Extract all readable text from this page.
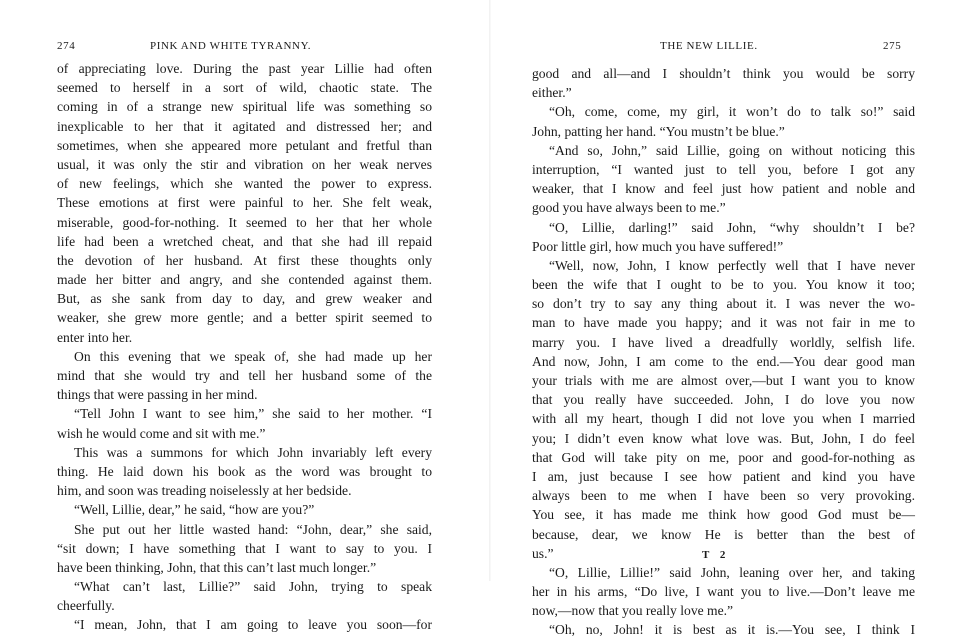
274	PINK AND WHITE TYRANNY.
of appreciating love. During the past year Lillie had often
seemed to herself in a sort of wild, chaotic state. The
coming in of a strange new spiritual life was something so
inexplicable to her that it agitated and distressed her; and
sometimes, when she appeared more petulant and fretful than
usual, it was only the stir and vibration on her weak nerves
of new feelings, which she wanted the power to express.
These emotions at first were painful to her. She felt weak,
miserable, good-for-nothing. It seemed to her that her whole
life had been a wretched cheat, and that she had ill repaid
the devotion of her husband. At first these thoughts only
made her bitter and angry, and she contended against them.
But, as she sank from day to day, and grew weaker and
weaker, she grew more gentle; and a better spirit seemed to
enter into her.
On this evening that we speak of, she had made up her
mind that she would try and tell her husband some of the
things that were passing in her mind.
“Tell John I want to see him,” she said to her mother. “I
wish he would come and sit with me.”
This was a summons for which John invariably left every
thing. He laid down his book as the word was brought to
him, and soon was treading noiselessly at her bedside.
“Well, Lillie, dear,” he said, “how are you?”
She put out her little wasted hand: “John, dear,” she said,
“sit down; I have something that I want to say to you. I
have been thinking, John, that this can’t last much longer.”
“What can’t last, Lillie?” said John, trying to speak
cheerfully.
“I mean, John, that I am going to leave you soon—for
THE NEW LILLIE.	275
good and all—and I shouldn’t think you would be sorry
either.”
“Oh, come, come, my girl, it won’t do to talk so!” said
John, patting her hand. “You mustn’t be blue.”
“And so, John,” said Lillie, going on without noticing this
interruption, “I wanted just to tell you, before I got any
weaker, that I know and feel just how patient and noble and
good you have always been to me.”
“O, Lillie, darling!” said John, “why shouldn’t I be?
Poor little girl, how much you have suffered!”
“Well, now, John, I know perfectly well that I have never
been the wife that I ought to be to you. You know it too;
so don’t try to say any thing about it. I was never the wo-
man to have made you happy; and it was not fair in me to
marry you. I have lived a dreadfully worldly, selfish life.
And now, John, I am come to the end.—You dear good man
your trials with me are almost over,—but I want you to know
that you really have succeeded. John, I do love you now
with all my heart, though I did not love you when I married
you; I didn’t even know what love was. But, John, I do feel
that God will take pity on me, poor and good-for-nothing as
I am, just because I see how patient and kind you have
always been to me when I have been so very provoking.
You see, it has made me think how good God must be—
because, dear, we know He is better than the best of
us.”
“O, Lillie, Lillie!” said John, leaning over her, and taking
her in his arms, “Do live, I want you to live.—Don’t leave me
now,—now that you really love me.”
“Oh, no, John! it is best as it is.—You see, I think I
T 2
